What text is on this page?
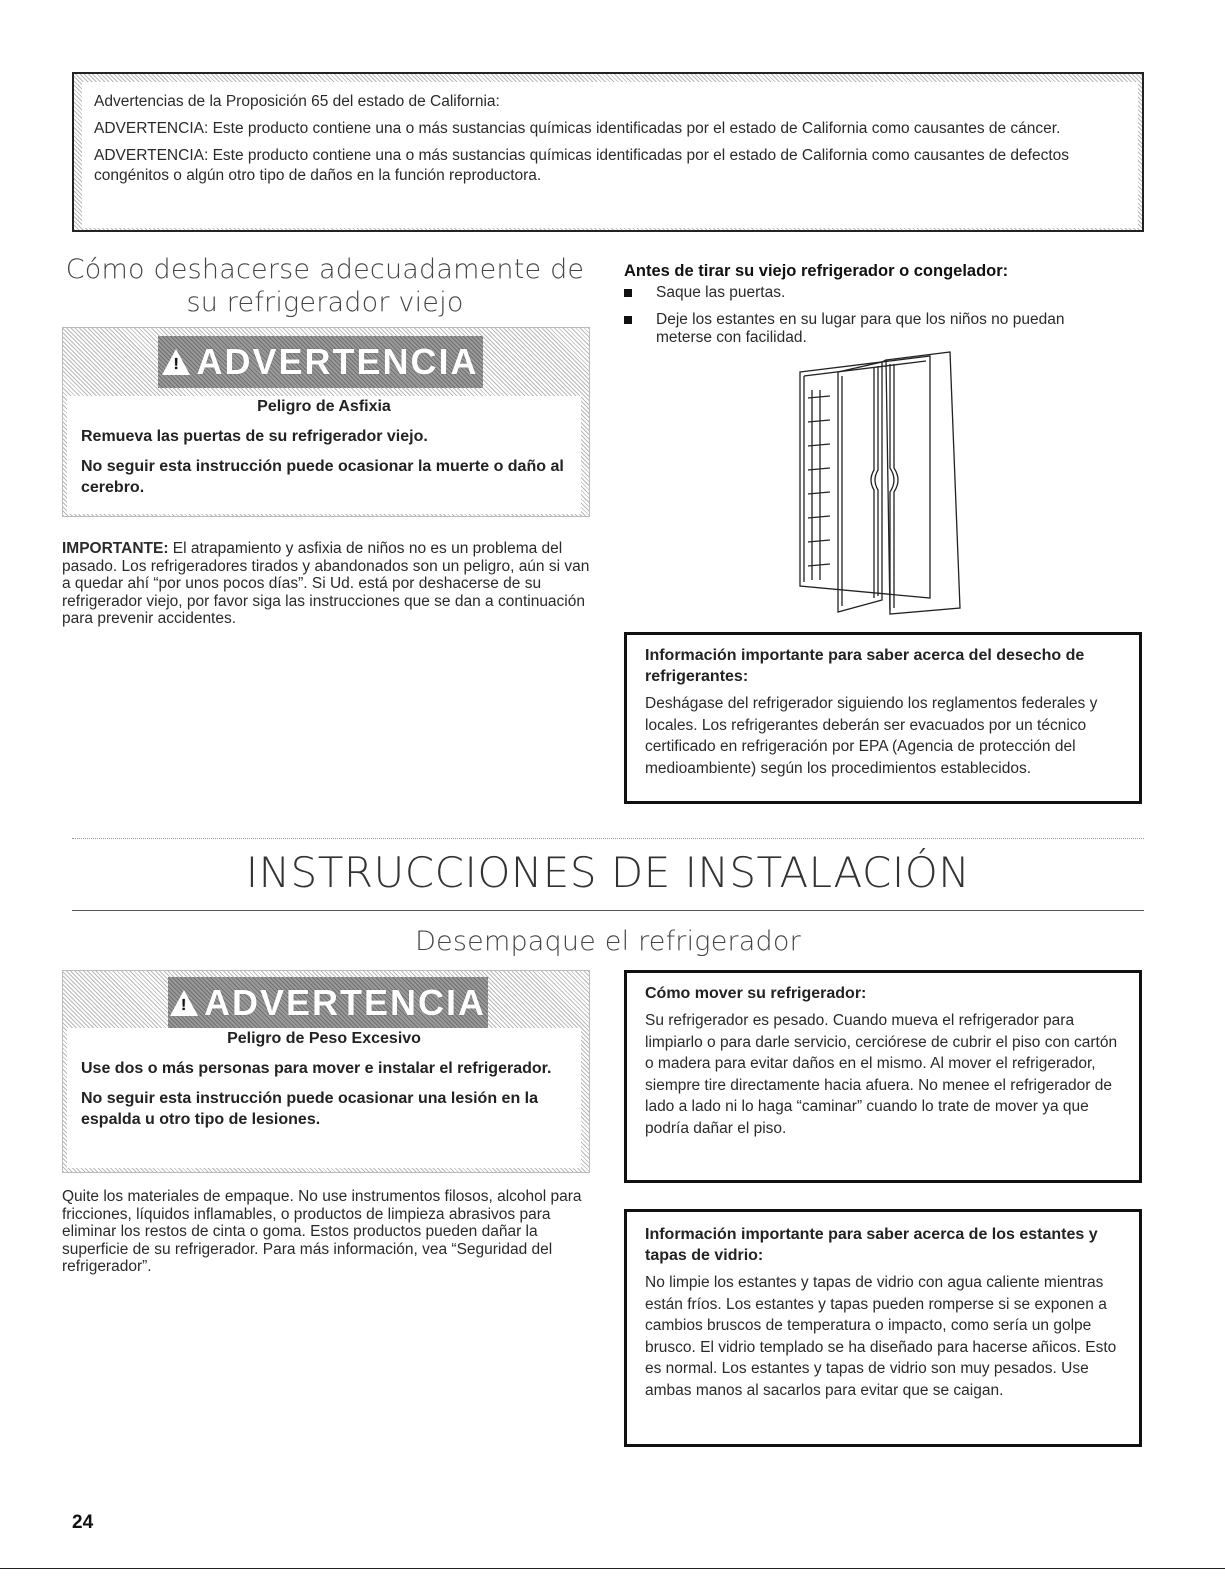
Advertencias de la Proposición 65 del estado de California:

ADVERTENCIA: Este producto contiene una o más sustancias químicas identificadas por el estado de California como causantes de cáncer.

ADVERTENCIA: Este producto contiene una o más sustancias químicas identificadas por el estado de California como causantes de defectos congénitos o algún otro tipo de daños en la función reproductora.

Cómo deshacerse adecuadamente de su refrigerador viejo
! ADVERTENCIA

Peligro de Asfixia

Remueva las puertas de su refrigerador viejo.

No seguir esta instrucción puede ocasionar la muerte o daño al cerebro.

IMPORTANTE: El atrapamiento y asfixia de niños no es un problema del pasado. Los refrigeradores tirados y abandonados son un peligro, aún si van a quedar ahí “por unos pocos días”. Si Ud. está por deshacerse de su refrigerador viejo, por favor siga las instrucciones que se dan a continuación para prevenir accidentes.

Antes de tirar su viejo refrigerador o congelador:
Saque las puertas.
Deje los estantes en su lugar para que los niños no puedan meterse con facilidad.

Información importante para saber acerca del desecho de refrigerantes:

Deshágase del refrigerador siguiendo los reglamentos federales y locales. Los refrigerantes deberán ser evacuados por un técnico certificado en refrigeración por EPA (Agencia de protección del medioambiente) según los procedimientos establecidos.

INSTRUCCIONES DE INSTALACIÓN
Desempaque el refrigerador
! ADVERTENCIA

Peligro de Peso Excesivo

Use dos o más personas para mover e instalar el refrigerador.

No seguir esta instrucción puede ocasionar una lesión en la espalda u otro tipo de lesiones.

Quite los materiales de empaque. No use instrumentos filosos, alcohol para fricciones, líquidos inflamables, o productos de limpieza abrasivos para eliminar los restos de cinta o goma. Estos productos pueden dañar la superficie de su refrigerador. Para más información, vea “Seguridad del refrigerador”.

Cómo mover su refrigerador:

Su refrigerador es pesado. Cuando mueva el refrigerador para limpiarlo o para darle servicio, cerciórese de cubrir el piso con cartón o madera para evitar daños en el mismo. Al mover el refrigerador, siempre tire directamente hacia afuera. No menee el refrigerador de lado a lado ni lo haga “caminar” cuando lo trate de mover ya que podría dañar el piso.

Información importante para saber acerca de los estantes y tapas de vidrio:

No limpie los estantes y tapas de vidrio con agua caliente mientras están fríos. Los estantes y tapas pueden romperse si se exponen a cambios bruscos de temperatura o impacto, como sería un golpe brusco. El vidrio templado se ha diseñado para hacerse añicos. Esto es normal. Los estantes y tapas de vidrio son muy pesados. Use ambas manos al sacarlos para evitar que se caigan.

24
